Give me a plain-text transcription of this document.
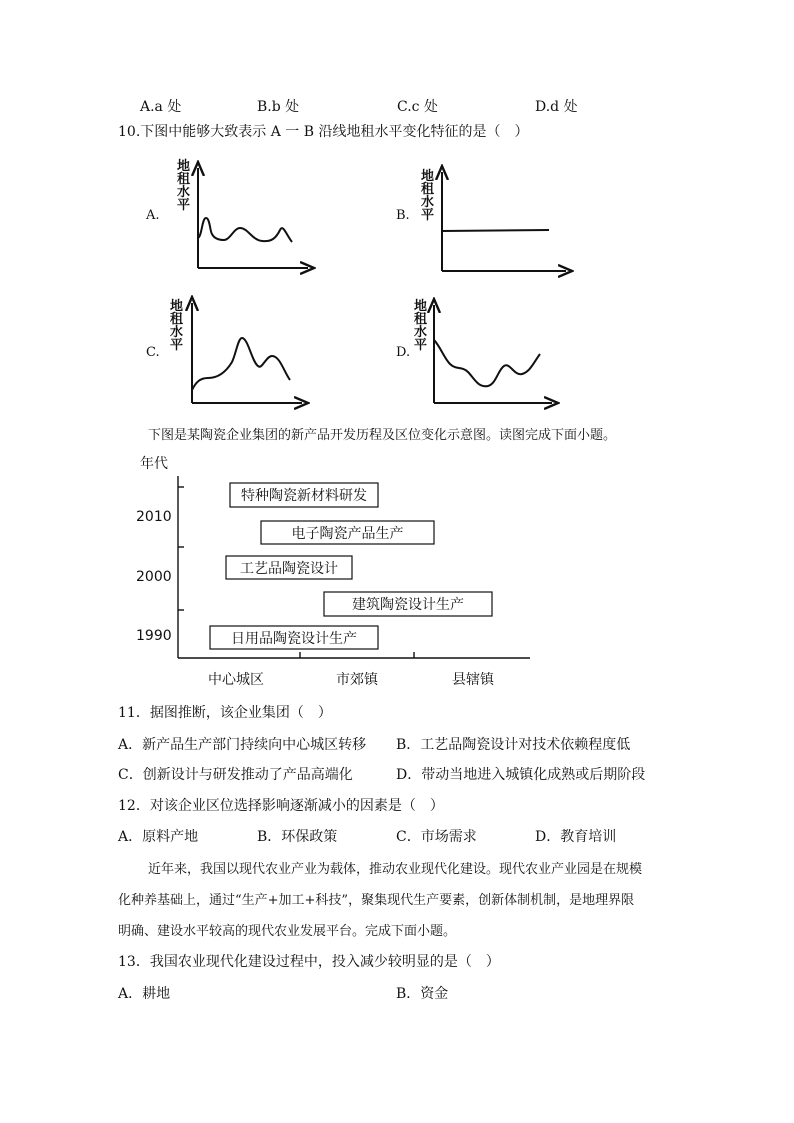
A.a 处	B.b 处	C.c 处	D.d 处
10.下图中能够大致表示 A 一 B 沿线地租水平变化特征的是（　）
A.	B.
C.	D.
地
租
水
平
地
租
水
平
地
租
水
平
地
租
水
平
下图是某陶瓷企业集团的新产品开发历程及区位变化示意图。读图完成下面小题。
年代
2010
2000
1990
中心城区	市郊镇	县辖镇
特种陶瓷新材料研发
电子陶瓷产品生产
工艺品陶瓷设计
建筑陶瓷设计生产
日用品陶瓷设计生产
11．据图推断，该企业集团（　）
A．新产品生产部门持续向中心城区转移 B．工艺品陶瓷设计对技术依赖程度低
C．创新设计与研发推动了产品高端化	D．带动当地进入城镇化成熟或后期阶段
12．对该企业区位选择影响逐渐减小的因素是（　）
A．原料产地	B．环保政策	C．市场需求	D．教育培训
近年来，我国以现代农业产业为载体，推动农业现代化建设。现代农业产业园是在规模
化种养基础上，通过“生产+加工+科技”，聚集现代生产要素，创新体制机制，是地理界限
明确、建设水平较高的现代农业发展平台。完成下面小题。
13．我国农业现代化建设过程中，投入减少较明显的是（　）
A．耕地	B．资金
